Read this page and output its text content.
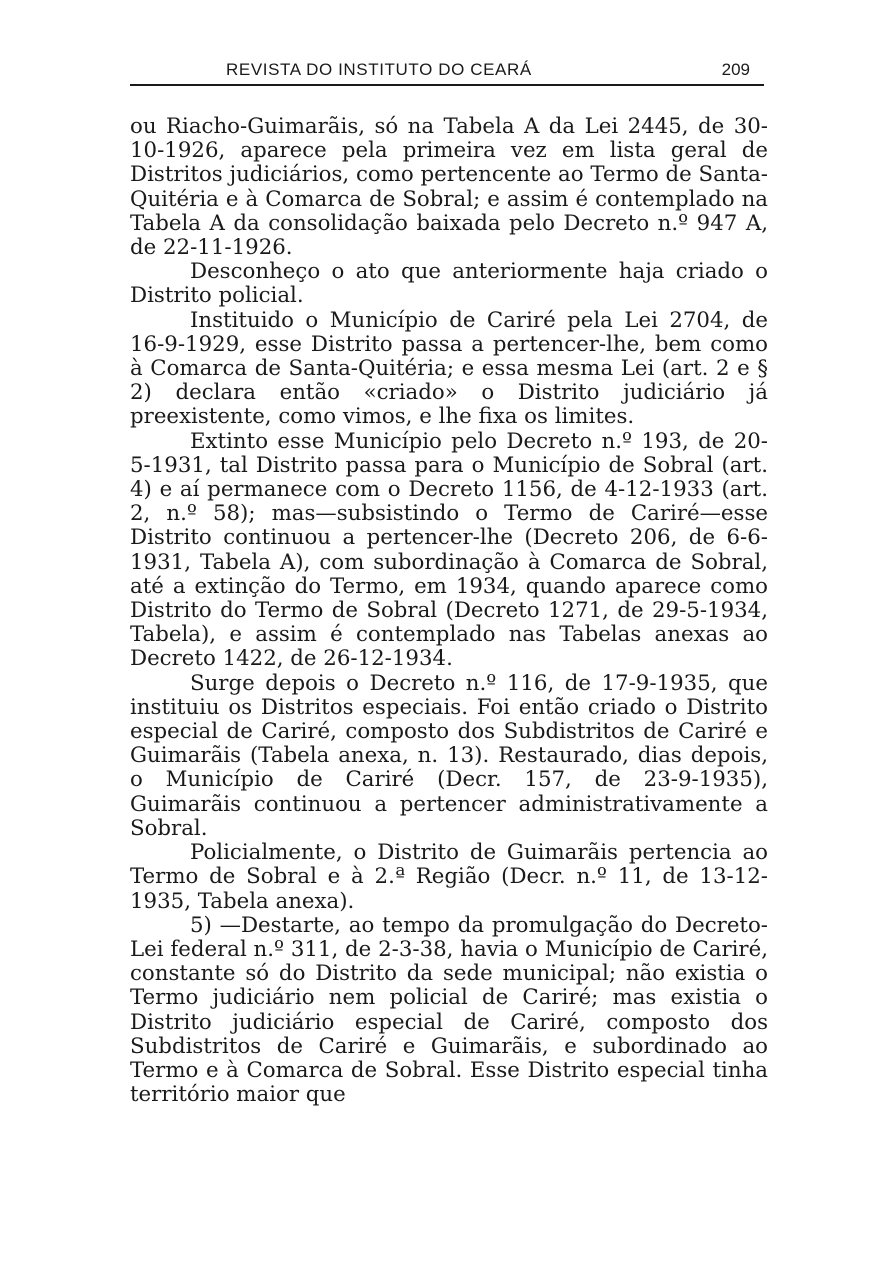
REVISTA DO INSTITUTO DO CEARÁ	209

ou Riacho-Guimarãis, só na Tabela A da Lei 2445, de 30-10-1926, aparece pela primeira vez em lista geral de Distritos judiciários, como pertencente ao Termo de Santa-Quitéria e à Comarca de Sobral; e assim é contemplado na Tabela A da consolidação baixada pelo Decreto n.º 947 A, de 22-11-1926.

Desconheço o ato que anteriormente haja criado o Distrito policial.

Instituido o Município de Cariré pela Lei 2704, de 16-9-1929, esse Distrito passa a pertencer-lhe, bem como à Comarca de Santa-Quitéria; e essa mesma Lei (art. 2 e § 2) declara então «criado» o Distrito judiciário já preexistente, como vimos, e lhe fixa os limites.

Extinto esse Município pelo Decreto n.º 193, de 20-5-1931, tal Distrito passa para o Município de Sobral (art. 4) e aí permanece com o Decreto 1156, de 4-12-1933 (art. 2, n.º 58); mas—subsistindo o Termo de Cariré—esse Distrito continuou a pertencer-lhe (Decreto 206, de 6-6-1931, Tabela A), com subordinação à Comarca de Sobral, até a extinção do Termo, em 1934, quando aparece como Distrito do Termo de Sobral (Decreto 1271, de 29-5-1934, Tabela), e assim é contemplado nas Tabelas anexas ao Decreto 1422, de 26-12-1934.

Surge depois o Decreto n.º 116, de 17-9-1935, que instituiu os Distritos especiais. Foi então criado o Distrito especial de Cariré, composto dos Subdistritos de Cariré e Guimarãis (Tabela anexa, n. 13). Restaurado, dias depois, o Município de Cariré (Decr. 157, de 23-9-1935), Guimarãis continuou a pertencer administrativamente a Sobral.

Policialmente, o Distrito de Guimarãis pertencia ao Termo de Sobral e à 2.ª Região (Decr. n.º 11, de 13-12-1935, Tabela anexa).

5) —Destarte, ao tempo da promulgação do Decreto-Lei federal n.º 311, de 2-3-38, havia o Município de Cariré, constante só do Distrito da sede municipal; não existia o Termo judiciário nem policial de Cariré; mas existia o Distrito judiciário especial de Cariré, composto dos Subdistritos de Cariré e Guimarãis, e subordinado ao Termo e à Comarca de Sobral. Esse Distrito especial tinha território maior que
